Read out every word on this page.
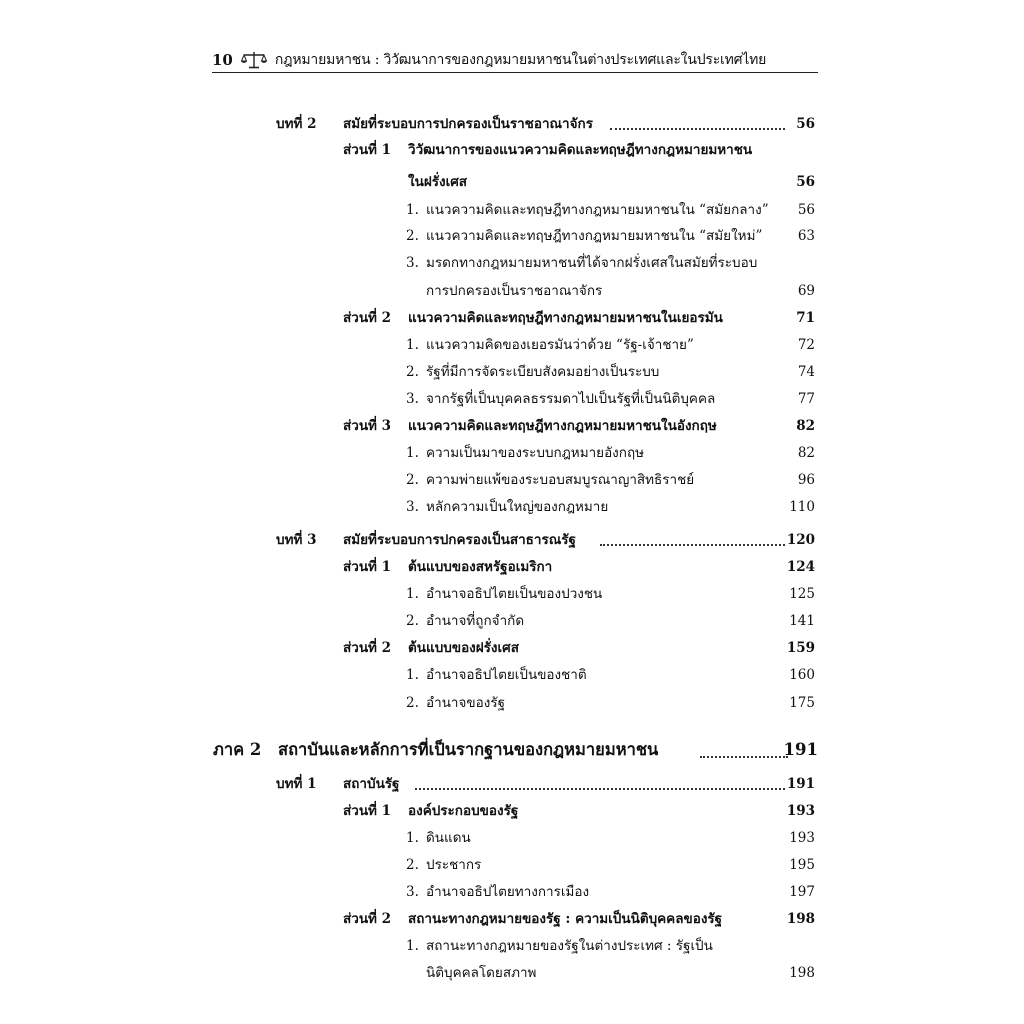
10	กฎหมายมหาชน : วิวัฒนาการของกฎหมายมหาชนในต่างประเทศและในประเทศไทย
บทที่ 2 สมัยที่ระบอบการปกครองเป็นราชอาณาจักร	56
ส่วนที่ 1 วิวัฒนาการของแนวความคิดและทฤษฎีทางกฎหมายมหาชน
ในฝรั่งเศส	56
1. แนวความคิดและทฤษฎีทางกฎหมายมหาชนใน “สมัยกลาง”	56
2. แนวความคิดและทฤษฎีทางกฎหมายมหาชนใน “สมัยใหม่”	63
3. มรดกทางกฎหมายมหาชนที่ได้จากฝรั่งเศสในสมัยที่ระบอบ
การปกครองเป็นราชอาณาจักร	69
ส่วนที่ 2 แนวความคิดและทฤษฎีทางกฎหมายมหาชนในเยอรมัน	71
1. แนวความคิดของเยอรมันว่าด้วย “รัฐ-เจ้าชาย”	72
2. รัฐที่มีการจัดระเบียบสังคมอย่างเป็นระบบ	74
3. จากรัฐที่เป็นบุคคลธรรมดาไปเป็นรัฐที่เป็นนิติบุคคล	77
ส่วนที่ 3 แนวความคิดและทฤษฎีทางกฎหมายมหาชนในอังกฤษ	82
1. ความเป็นมาของระบบกฎหมายอังกฤษ	82
2. ความพ่ายแพ้ของระบอบสมบูรณาญาสิทธิราชย์	96
3. หลักความเป็นใหญ่ของกฎหมาย	110
บทที่ 3 สมัยที่ระบอบการปกครองเป็นสาธารณรัฐ	120
ส่วนที่ 1 ต้นแบบของสหรัฐอเมริกา	124
1. อำนาจอธิปไตยเป็นของปวงชน	125
2. อำนาจที่ถูกจำกัด	141
ส่วนที่ 2 ต้นแบบของฝรั่งเศส	159
1. อำนาจอธิปไตยเป็นของชาติ	160
2. อำนาจของรัฐ	175
ภาค 2 สถาบันและหลักการที่เป็นรากฐานของกฎหมายมหาชน	191
บทที่ 1 สถาบันรัฐ	191
ส่วนที่ 1 องค์ประกอบของรัฐ	193
1. ดินแดน	193
2. ประชากร	195
3. อำนาจอธิปไตยทางการเมือง	197
ส่วนที่ 2 สถานะทางกฎหมายของรัฐ : ความเป็นนิติบุคคลของรัฐ	198
1. สถานะทางกฎหมายของรัฐในต่างประเทศ : รัฐเป็น
นิติบุคคลโดยสภาพ	198
